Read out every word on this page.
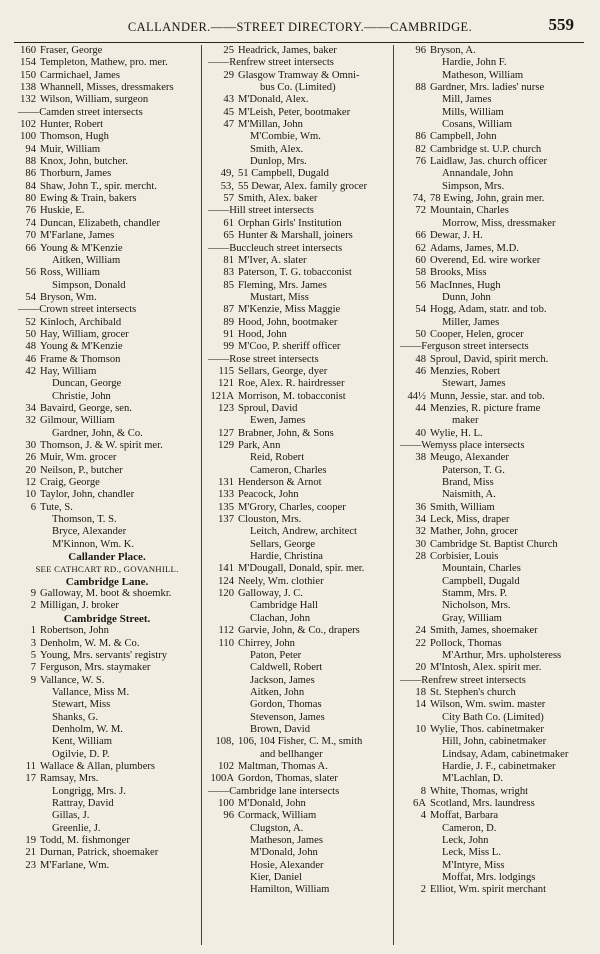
CALLANDER.——STREET DIRECTORY.——CAMBRIDGE.	559
160 Fraser, George
154 Templeton, Mathew, pro. mer.
150 Carmichael, James
138 Whannell, Misses, dressmakers
132 Wilson, William, surgeon
——Camden street intersects
102 Hunter, Robert
100 Thomson, Hugh
94 Muir, William
88 Knox, John, butcher.
86 Thorburn, James
84 Shaw, John T., spir. mercht.
80 Ewing & Train, bakers
76 Huskie, E.
74 Duncan, Elizabeth, chandler
70 M'Farlane, James
66 Young & M'Kenzie
Aitken, William
56 Ross, William
Simpson, Donald
54 Bryson, Wm.
——Crown street intersects
52 Kinloch, Archibald
50 Hay, William, grocer
48 Young & M'Kenzie
46 Frame & Thomson
42 Hay, William
Duncan, George
Christie, John
34 Bavaird, George, sen.
32 Gilmour, William
Gardner, John, & Co.
30 Thomson, J. & W. spirit mer.
26 Muir, Wm. grocer
20 Neilson, P., butcher
12 Craig, George
10 Taylor, John, chandler
6 Tute, S.
Thomson, T. S.
Bryce, Alexander
M'Kinnon, Wm. K.
Callander Place.
SEE CATHCART RD., GOVANHILL.
Cambridge Lane.
9 Galloway, M. boot & shoemkr.
2 Milligan, J. broker
Cambridge Street.
1 Robertson, John
3 Denholm, W. M. & Co.
5 Young, Mrs. servants' registry
7 Ferguson, Mrs. staymaker
9 Vallance, W. S.
Vallance, Miss M.
Stewart, Miss
Shanks, G.
Denholm, W. M.
Kent, William
Ogilvie, D. P.
11 Wallace & Allan, plumbers
17 Ramsay, Mrs.
Longrigg, Mrs. J.
Rattray, David
Gillas, J.
Greenlie, J.
19 Todd, M. fishmonger
21 Durnan, Patrick, shoemaker
23 M'Farlane, Wm.
25 Headrick, James, baker
——Renfrew street intersects
29 Glasgow Tramway & Omni-
bus Co. (Limited)
43 M'Donald, Alex.
45 M'Leish, Peter, bootmaker
47 M'Millan, John
M'Combie, Wm.
Smith, Alex.
Dunlop, Mrs.
49, 51 Campbell, Dugald
53, 55 Dewar, Alex. family grocer
57 Smith, Alex. baker
——Hill street intersects
61 Orphan Girls' Institution
65 Hunter & Marshall, joiners
——Buccleuch street intersects
81 M'Iver, A. slater
83 Paterson, T. G. tobacconist
85 Fleming, Mrs. James
Mustart, Miss
87 M'Kenzie, Miss Maggie
89 Hood, John, bootmaker
91 Hood, John
99 M'Coo, P. sheriff officer
——Rose street intersects
115 Sellars, George, dyer
121 Roe, Alex. R. hairdresser
121A Morrison, M. tobacconist
123 Sproul, David
Ewen, James
127 Brabner, John, & Sons
129 Park, Ann
Reid, Robert
Cameron, Charles
131 Henderson & Arnot
133 Peacock, John
135 M'Grory, Charles, cooper
137 Clouston, Mrs.
Leitch, Andrew, architect
Sellars, George
Hardie, Christina
141 M'Dougall, Donald, spir. mer.
124 Neely, Wm. clothier
120 Galloway, J. C.
Cambridge Hall
Clachan, John
112 Garvie, John, & Co., drapers
110 Chirrey, John
Paton, Peter
Caldwell, Robert
Jackson, James
Aitken, John
Gordon, Thomas
Stevenson, James
Brown, David
108, 106, 104 Fisher, C. M., smith
and bellhanger
102 Maltman, Thomas A.
100A Gordon, Thomas, slater
——Cambridge lane intersects
100 M'Donald, John
96 Cormack, William
Clugston, A.
Matheson, James
M'Donald, John
Hosie, Alexander
Kier, Daniel
Hamilton, William
96 Bryson, A.
Hardie, John F.
Matheson, William
88 Gardner, Mrs. ladies' nurse
Mill, James
Mills, William
Cosans, William
86 Campbell, John
82 Cambridge st. U.P. church
76 Laidlaw, Jas. church officer
Annandale, John
Simpson, Mrs.
74, 78 Ewing, John, grain mer.
72 Mountain, Charles
Morrow, Miss, dressmaker
66 Dewar, J. H.
62 Adams, James, M.D.
60 Overend, Ed. wire worker
58 Brooks, Miss
56 MacInnes, Hugh
Dunn, John
54 Hogg, Adam, statr. and tob.
Miller, James
50 Cooper, Helen, grocer
——Ferguson street intersects
48 Sproul, David, spirit merch.
46 Menzies, Robert
Stewart, James
44½ Munn, Jessie, star. and tob.
44 Menzies, R. picture frame
maker
40 Wylie, H. L.
——Wemyss place intersects
38 Meugo, Alexander
Paterson, T. G.
Brand, Miss
Naismith, A.
36 Smith, William
34 Leck, Miss, draper
32 Mather, John, grocer
30 Cambridge St. Baptist Church
28 Corbisier, Louis
Mountain, Charles
Campbell, Dugald
Stamm, Mrs. P.
Nicholson, Mrs.
Gray, William
24 Smith, James, shoemaker
22 Pollock, Thomas
M'Arthur, Mrs. upholsteress
20 M'Intosh, Alex. spirit mer.
——Renfrew street intersects
18 St. Stephen's church
14 Wilson, Wm. swim. master
City Bath Co. (Limited)
10 Wylie, Thos. cabinetmaker
Hill, John, cabinetmaker
Lindsay, Adam, cabinetmaker
Hardie, J. F., cabinetmaker
M'Lachlan, D.
8 White, Thomas, wright
6A Scotland, Mrs. laundress
4 Moffat, Barbara
Cameron, D.
Leck, John
Leck, Miss L.
M'Intyre, Miss
Moffat, Mrs. lodgings
2 Elliot, Wm. spirit merchant
